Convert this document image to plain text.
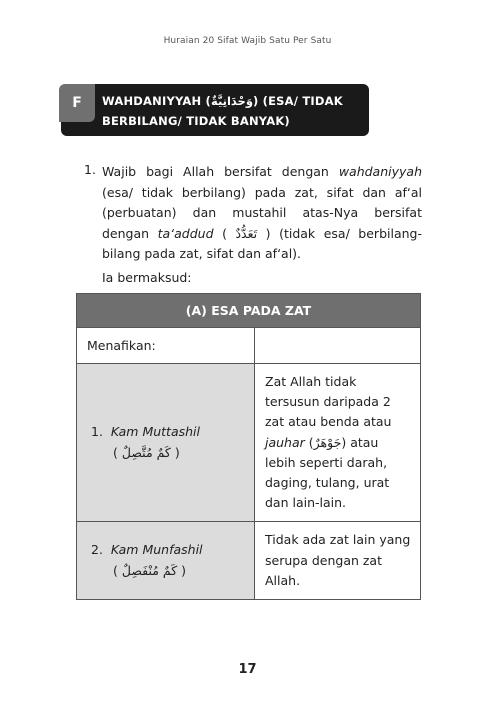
Huraian 20 Sifat Wajib Satu Per Satu
F	WAHDANIYYAH (وَحْدَانِيَّةٌ) (ESA/ TIDAK BERBILANG/ TIDAK BANYAK)
1. Wajib bagi Allah bersifat dengan wahdaniyyah (esa/ tidak berbilang) pada zat, sifat dan af‘al (perbuatan) dan mustahil atas-Nya bersifat dengan ta‘addud ( تَعَدُّدٌ ) (tidak esa/ berbilang-bilang pada zat, sifat dan af‘al).
Ia bermaksud:
(A) ESA PADA ZAT	
Menafikan:	

1. Kam Muttashil
( كَمٌ مُتَّصِلٌ )	Zat Allah tidak tersusun daripada 2 zat atau benda atau jauhar (جَوْهَرٌ) atau lebih seperti darah, daging, tulang, urat dan lain-lain.

2. Kam Munfashil
( كَمٌ مُنْفَصِلٌ )	Tidak ada zat lain yang serupa dengan zat Allah.
17
